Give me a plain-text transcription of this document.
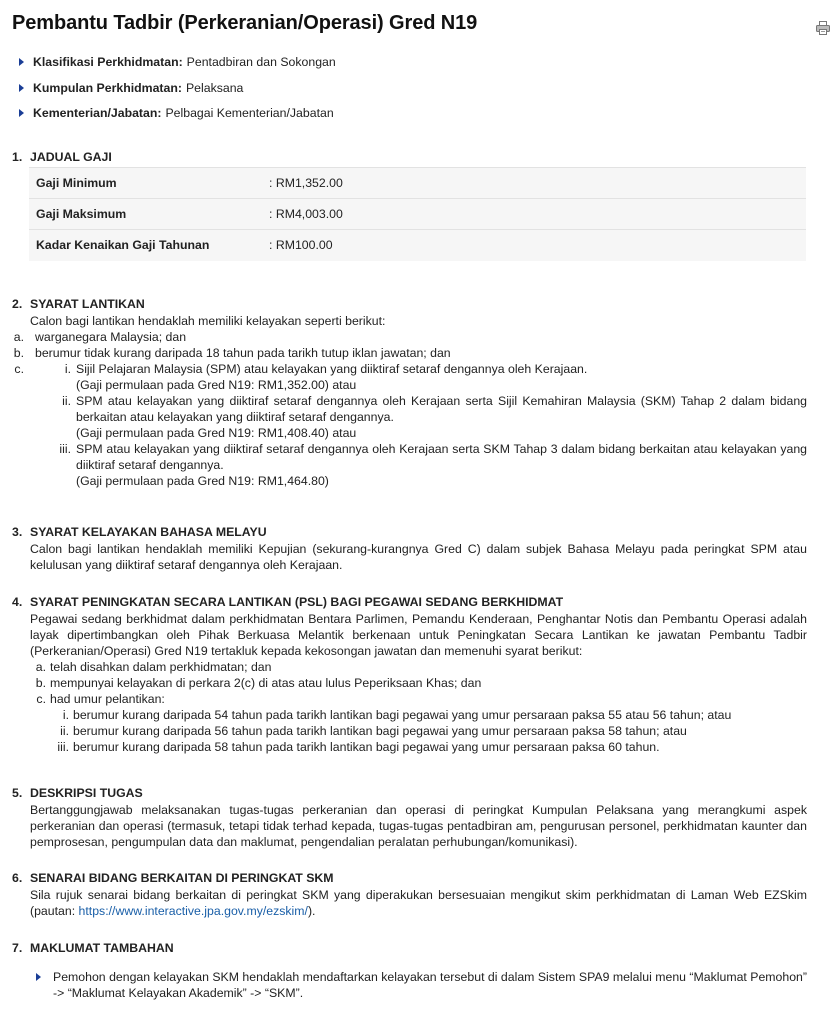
Pembantu Tadbir (Perkeranian/Operasi) Gred N19
Klasifikasi Perkhidmatan: Pentadbiran dan Sokongan
Kumpulan Perkhidmatan: Pelaksana
Kementerian/Jabatan: Pelbagai Kementerian/Jabatan
1. JADUAL GAJI
Gaji Minimum	: RM1,352.00
Gaji Maksimum	: RM4,003.00
Kadar Kenaikan Gaji Tahunan	: RM100.00
2. SYARAT LANTIKAN
Calon bagi lantikan hendaklah memiliki kelayakan seperti berikut:
a. warganegara Malaysia; dan
b. berumur tidak kurang daripada 18 tahun pada tarikh tutup iklan jawatan; dan
c.	i. Sijil Pelajaran Malaysia (SPM) atau kelayakan yang diiktiraf setaraf dengannya oleh Kerajaan.
(Gaji permulaan pada Gred N19: RM1,352.00) atau
ii. SPM atau kelayakan yang diiktiraf setaraf dengannya oleh Kerajaan serta Sijil Kemahiran Malaysia (SKM) Tahap 2 dalam bidang berkaitan atau kelayakan yang diiktiraf setaraf dengannya.
(Gaji permulaan pada Gred N19: RM1,408.40) atau
iii. SPM atau kelayakan yang diiktiraf setaraf dengannya oleh Kerajaan serta SKM Tahap 3 dalam bidang berkaitan atau kelayakan yang diiktiraf setaraf dengannya.
(Gaji permulaan pada Gred N19: RM1,464.80)
3. SYARAT KELAYAKAN BAHASA MELAYU
Calon bagi lantikan hendaklah memiliki Kepujian (sekurang-kurangnya Gred C) dalam subjek Bahasa Melayu pada peringkat SPM atau kelulusan yang diiktiraf setaraf dengannya oleh Kerajaan.
4. SYARAT PENINGKATAN SECARA LANTIKAN (PSL) BAGI PEGAWAI SEDANG BERKHIDMAT
Pegawai sedang berkhidmat dalam perkhidmatan Bentara Parlimen, Pemandu Kenderaan, Penghantar Notis dan Pembantu Operasi adalah layak dipertimbangkan oleh Pihak Berkuasa Melantik berkenaan untuk Peningkatan Secara Lantikan ke jawatan Pembantu Tadbir (Perkeranian/Operasi) Gred N19 tertakluk kepada kekosongan jawatan dan memenuhi syarat berikut:
a. telah disahkan dalam perkhidmatan; dan
b. mempunyai kelayakan di perkara 2(c) di atas atau lulus Peperiksaan Khas; dan
c. had umur pelantikan:
i. berumur kurang daripada 54 tahun pada tarikh lantikan bagi pegawai yang umur persaraan paksa 55 atau 56 tahun; atau
ii. berumur kurang daripada 56 tahun pada tarikh lantikan bagi pegawai yang umur persaraan paksa 58 tahun; atau
iii. berumur kurang daripada 58 tahun pada tarikh lantikan bagi pegawai yang umur persaraan paksa 60 tahun.
5. DESKRIPSI TUGAS
Bertanggungjawab melaksanakan tugas-tugas perkeranian dan operasi di peringkat Kumpulan Pelaksana yang merangkumi aspek perkeranian dan operasi (termasuk, tetapi tidak terhad kepada, tugas-tugas pentadbiran am, pengurusan personel, perkhidmatan kaunter dan pemprosesan, pengumpulan data dan maklumat, pengendalian peralatan perhubungan/komunikasi).
6. SENARAI BIDANG BERKAITAN DI PERINGKAT SKM
Sila rujuk senarai bidang berkaitan di peringkat SKM yang diperakukan bersesuaian mengikut skim perkhidmatan di Laman Web EZSkim (pautan: https://www.interactive.jpa.gov.my/ezskim/).
7. MAKLUMAT TAMBAHAN
Pemohon dengan kelayakan SKM hendaklah mendaftarkan kelayakan tersebut di dalam Sistem SPA9 melalui menu “Maklumat Pemohon” -> “Maklumat Kelayakan Akademik” -> “SKM”.
